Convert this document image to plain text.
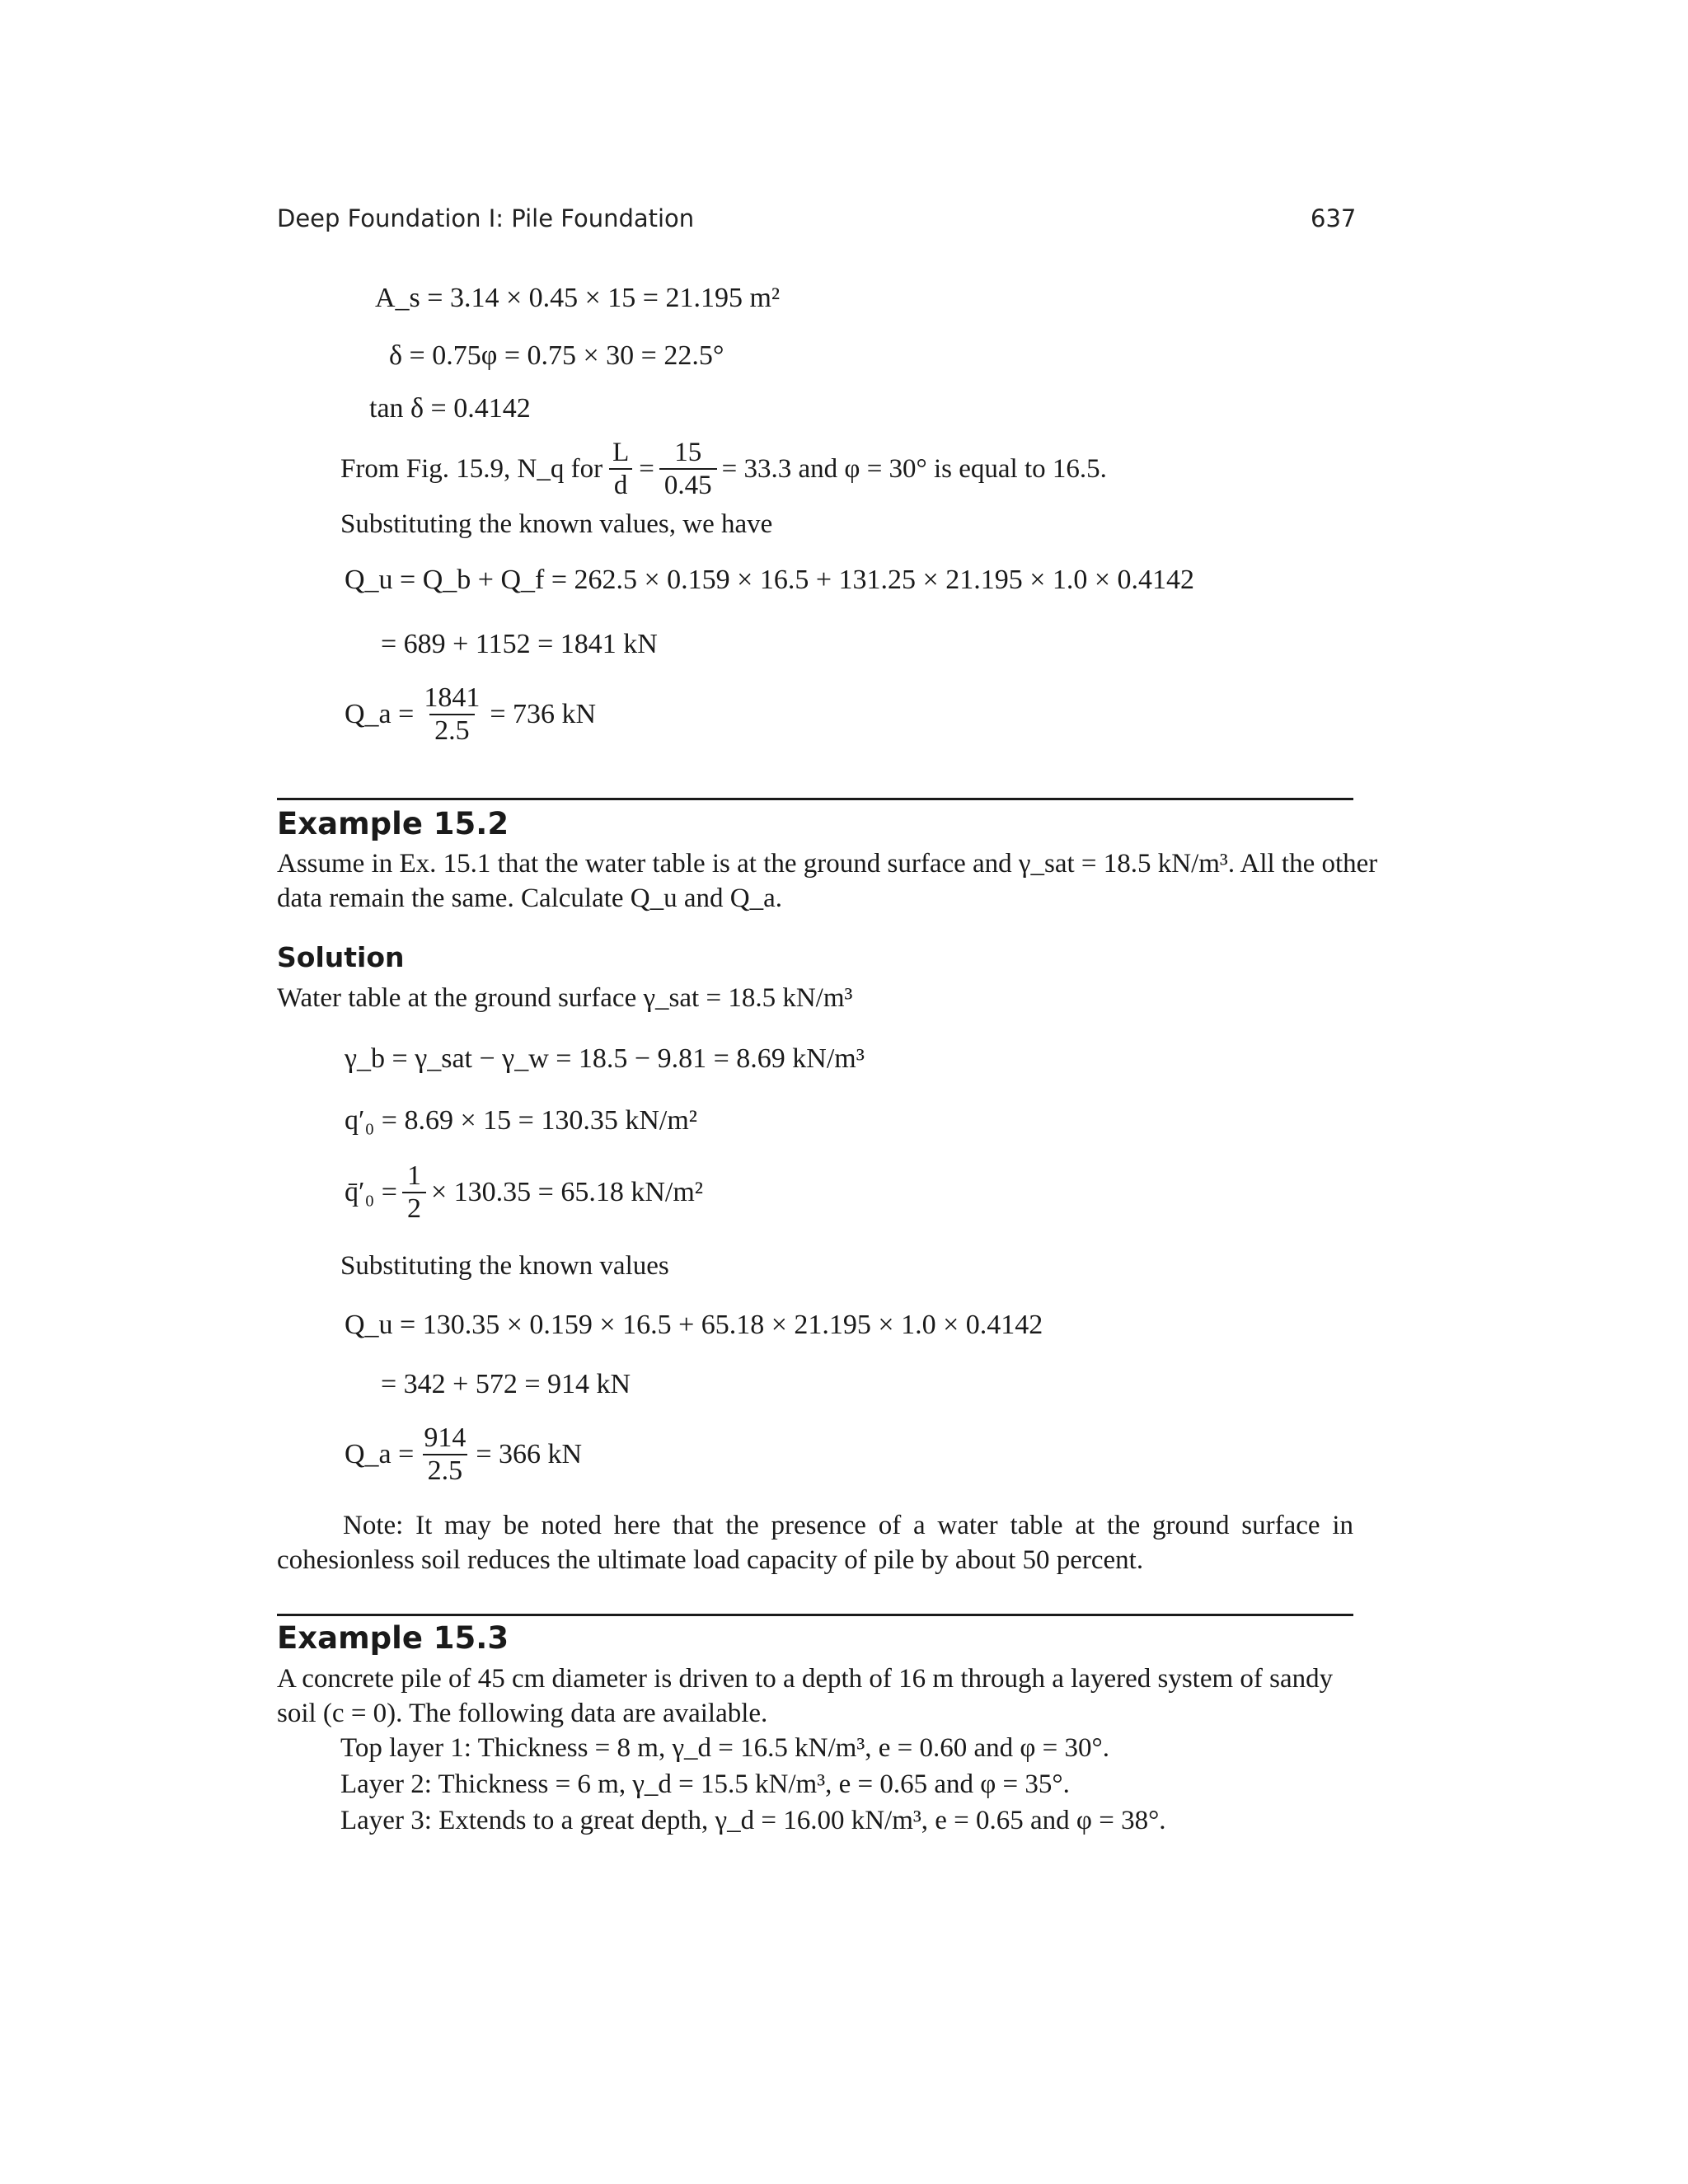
Deep Foundation I: Pile Foundation	637
A_s = 3.14 × 0.45 × 15 = 21.195 m²
δ = 0.75φ = 0.75 × 30 = 22.5°
tan δ = 0.4142
From Fig. 15.9, N_q for $\frac{L}{d} = \frac{15}{0.45} = 33.3$ and φ = 30° is equal to 16.5.
Substituting the known values, we have
Q_u = Q_b + Q_f = 262.5 × 0.159 × 16.5 + 131.25 × 21.195 × 1.0 × 0.4142
= 689 + 1152 = 1841 kN
Q_a = $\frac{1841}{2.5} = 736$ kN
Example 15.2
Assume in Ex. 15.1 that the water table is at the ground surface and γ_sat = 18.5 kN/m³. All the other
data remain the same. Calculate Q_u and Q_a.
Solution
Water table at the ground surface γ_sat = 18.5 kN/m³
γ_b = γ_sat − γ_w = 18.5 − 9.81 = 8.69 kN/m³
q′₀ = 8.69 × 15 = 130.35 kN/m²
q̄′₀ = $\frac{1}{2} \times 130.35 = 65.18$ kN/m²
Substituting the known values
Q_u = 130.35 × 0.159 × 16.5 + 65.18 × 21.195 × 1.0 × 0.4142
= 342 + 572 = 914 kN
Q_a = $\frac{914}{2.5} = 366$ kN
Note: It may be noted here that the presence of a water table at the ground surface in cohesionless soil reduces the ultimate load capacity of pile by about 50 percent.
Example 15.3
A concrete pile of 45 cm diameter is driven to a depth of 16 m through a layered system of sandy soil (c = 0). The following data are available.
Top layer 1: Thickness = 8 m, γ_d = 16.5 kN/m³, e = 0.60 and φ = 30°.
Layer 2: Thickness = 6 m, γ_d = 15.5 kN/m³, e = 0.65 and φ = 35°.
Layer 3: Extends to a great depth, γ_d = 16.00 kN/m³, e = 0.65 and φ = 38°.
